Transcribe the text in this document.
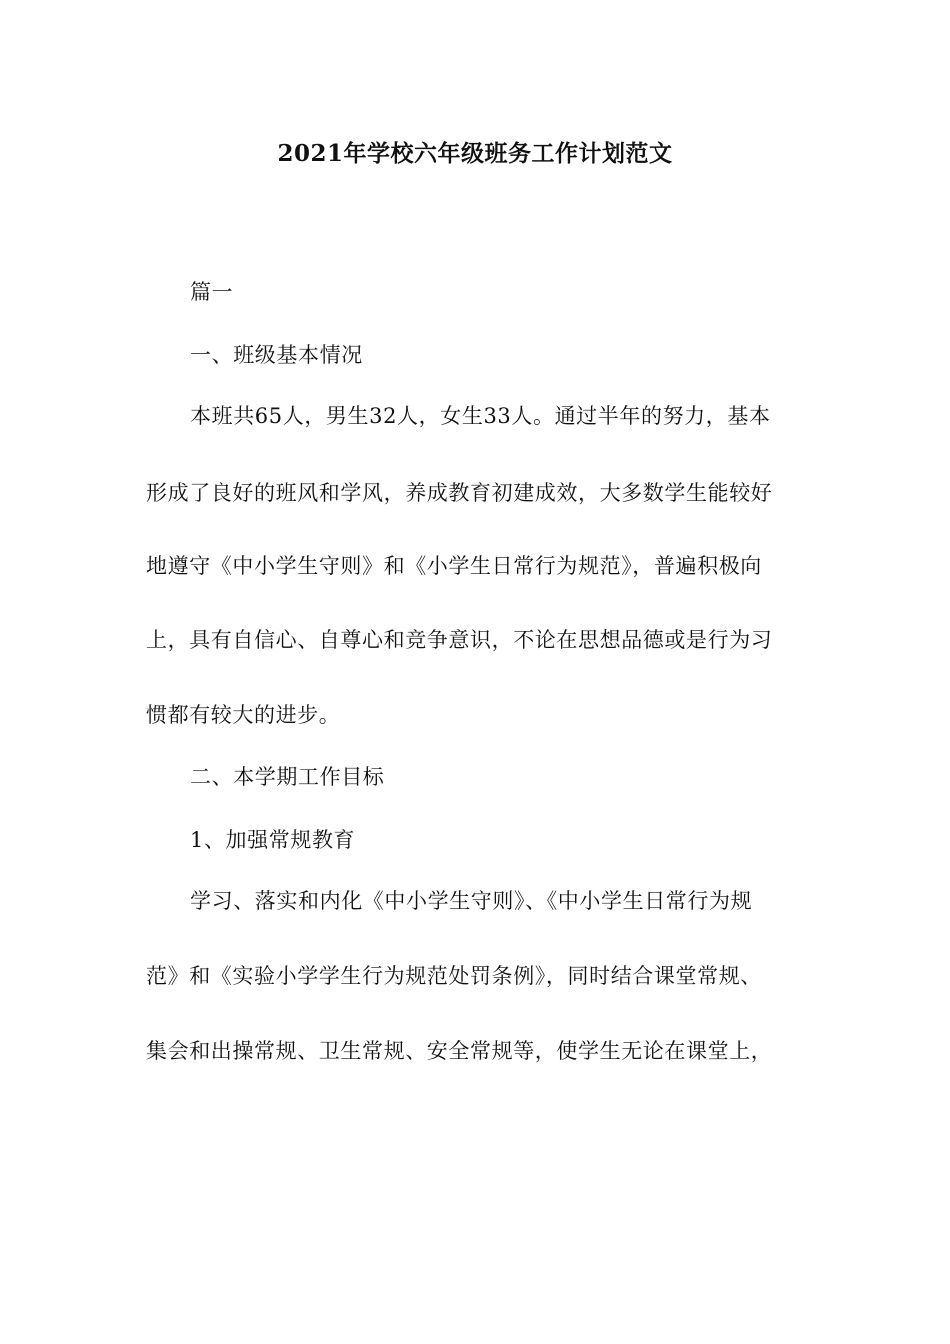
2021年学校六年级班务工作计划范文
篇一
一、班级基本情况
本班共65人，男生32人，女生33人。通过半年的努力，基本
形成了良好的班风和学风，养成教育初建成效，大多数学生能较好
地遵守《中小学生守则》和《小学生日常行为规范》，普遍积极向
上，具有自信心、自尊心和竞争意识，不论在思想品德或是行为习
惯都有较大的进步。
二、本学期工作目标
1、加强常规教育
学习、落实和内化《中小学生守则》、《中小学生日常行为规
范》和《实验小学学生行为规范处罚条例》，同时结合课堂常规、
集会和出操常规、卫生常规、安全常规等，使学生无论在课堂上，
